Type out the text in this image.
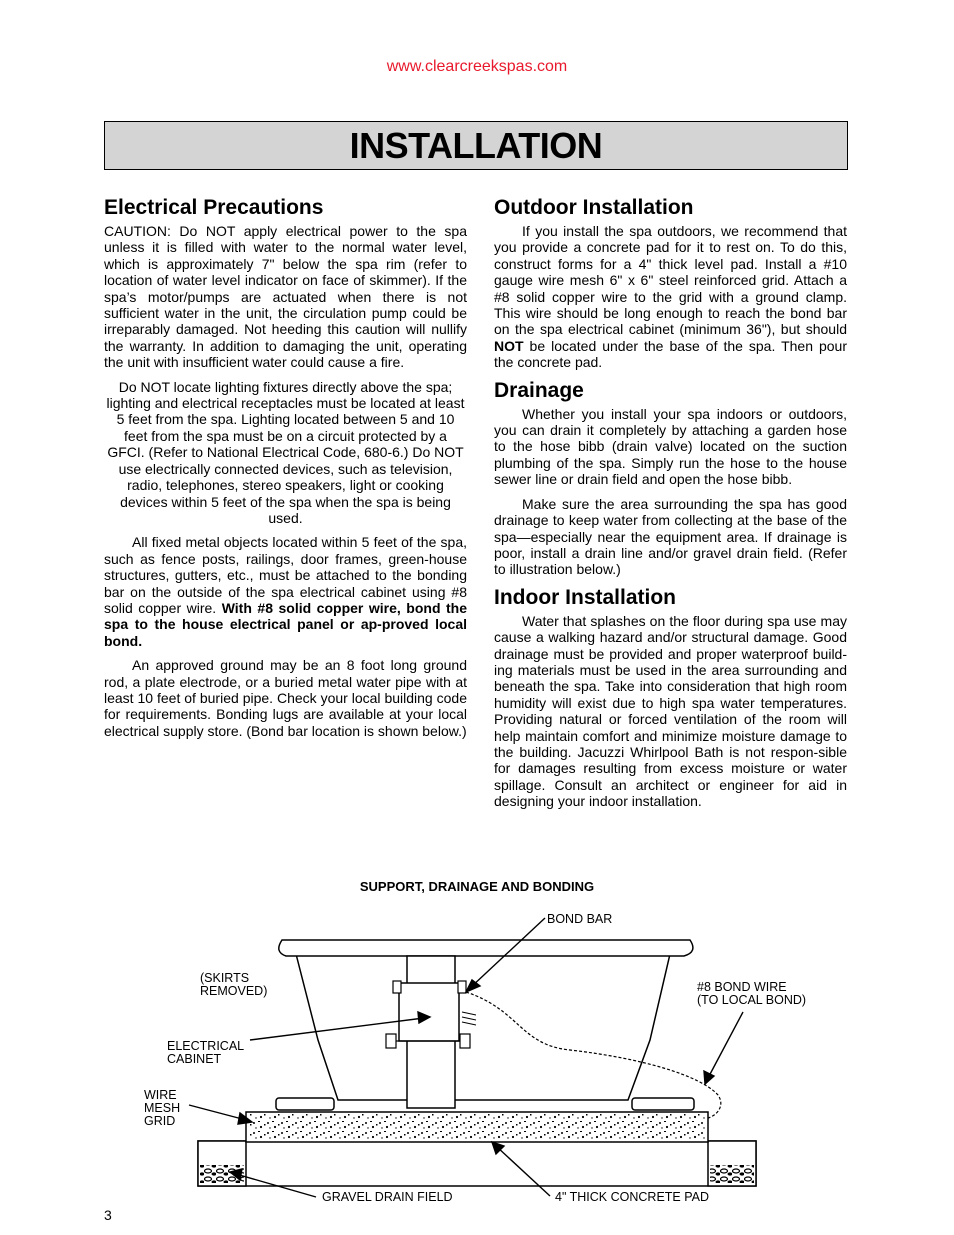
www.clearcreekspas.com
INSTALLATION
Electrical Precautions

CAUTION: Do NOT apply electrical power to the spa unless it is filled with water to the normal water level, which is approximately 7" below the spa rim (refer to location of water level indicator on face of skimmer). If the spa’s motor/pumps are actuated when there is not sufficient water in the unit, the circulation pump could be irreparably damaged. Not heeding this caution will nullify the warranty. In addition to damaging the unit, operating the unit with insufficient water could cause a fire.

Do NOT locate lighting fixtures directly above the spa; lighting and electrical receptacles must be located at least 5 feet from the spa. Lighting located between 5 and 10 feet from the spa must be on a circuit protected by a GFCI. (Refer to National Electrical Code, 680-6.) Do NOT use electrically connected devices, such as television, radio, telephones, stereo speakers, light or cooking devices within 5 feet of the spa when the spa is being used.

All fixed metal objects located within 5 feet of the spa, such as fence posts, railings, door frames, green-house structures, gutters, etc., must be attached to the bonding bar on the outside of the spa electrical cabinet using #8 solid copper wire. With #8 solid copper wire, bond the spa to the house electrical panel or ap-proved local bond.

An approved ground may be an 8 foot long ground rod, a plate electrode, or a buried metal water pipe with at least 10 feet of buried pipe. Check your local building code for requirements. Bonding lugs are available at your local electrical supply store. (Bond bar location is shown below.)

Outdoor Installation

If you install the spa outdoors, we recommend that you provide a concrete pad for it to rest on. To do this, construct forms for a 4" thick level pad. Install a #10 gauge wire mesh 6" x 6" steel reinforced grid. Attach a #8 solid copper wire to the grid with a ground clamp. This wire should be long enough to reach the bond bar on the spa electrical cabinet (minimum 36"), but should NOT be located under the base of the spa. Then pour the concrete pad.

Drainage

Whether you install your spa indoors or outdoors, you can drain it completely by attaching a garden hose to the hose bibb (drain valve) located on the suction plumbing of the spa. Simply run the hose to the house sewer line or drain field and open the hose bibb.

Make sure the area surrounding the spa has good drainage to keep water from collecting at the base of the spa—especially near the equipment area. If drainage is poor, install a drain line and/or gravel drain field. (Refer to illustration below.)

Indoor Installation

Water that splashes on the floor during spa use may cause a walking hazard and/or structural damage. Good drainage must be provided and proper waterproof build-ing materials must be used in the area surrounding and beneath the spa. Take into consideration that high room humidity will exist due to high spa water temperatures. Providing natural or forced ventilation of the room will help maintain comfort and minimize moisture damage to the building. Jacuzzi Whirlpool Bath is not respon-sible for damages resulting from excess moisture or water spillage. Consult an architect or engineer for aid in designing your indoor installation.

SUPPORT, DRAINAGE AND BONDING
BOND BAR
(SKIRTS
REMOVED)	#8 BOND WIRE
(TO LOCAL BOND)
ELECTRICAL
CABINET
WIRE
MESH
GRID
GRAVEL DRAIN FIELD	4" THICK CONCRETE PAD
3
